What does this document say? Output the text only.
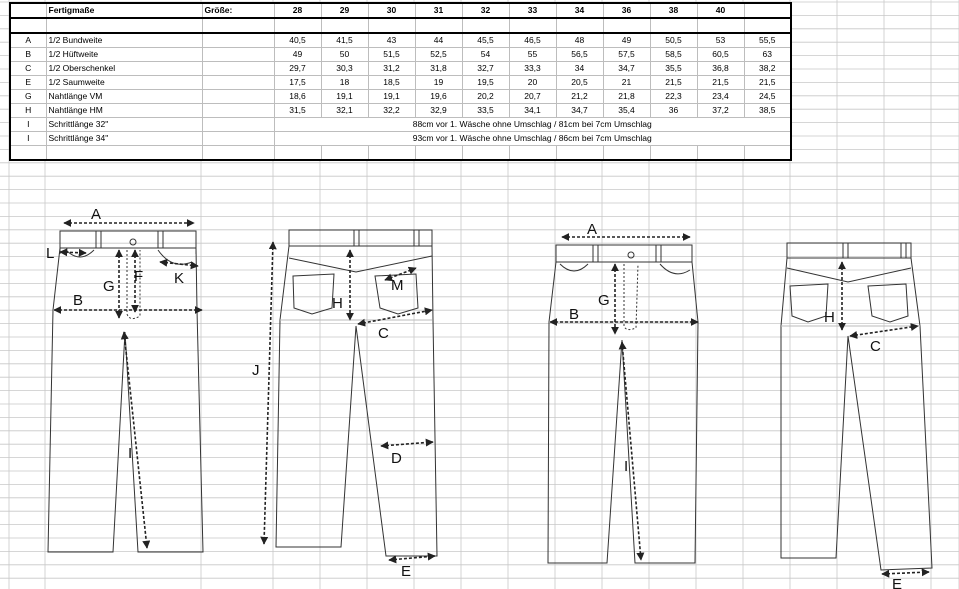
	Fertigmaße	Größe:	28	29	30	31	32	33	34	36	38	40	

A	1/2 Bundweite		40,5	41,5	43	44	45,5	46,5	48	49	50,5	53	55,5
B	1/2 Hüftweite		49	50	51,5	52,5	54	55	56,5	57,5	58,5	60,5	63
C	1/2 Oberschenkel		29,7	30,3	31,2	31,8	32,7	33,3	34	34,7	35,5	36,8	38,2
E	1/2 Saumweite		17,5	18	18,5	19	19,5	20	20,5	21	21,5	21,5	21,5
G	Nahtlänge VM		18,6	19,1	19,1	19,6	20,2	20,7	21,2	21,8	22,3	23,4	24,5
H	Nahtlänge HM		31,5	32,1	32,2	32,9	33,5	34,1	34,7	35,4	36	37,2	38,5
I	Schrittlänge 32"		88cm vor 1. Wäsche ohne Umschlag / 81cm bei 7cm Umschlag										
I	Schrittlänge 34"		93cm vor 1. Wäsche ohne Umschlag / 86cm bei 7cm Umschlag										

A
L
G
F K
B
I
J
M
H
C
D
E
A
G
B
I
H
C
E
